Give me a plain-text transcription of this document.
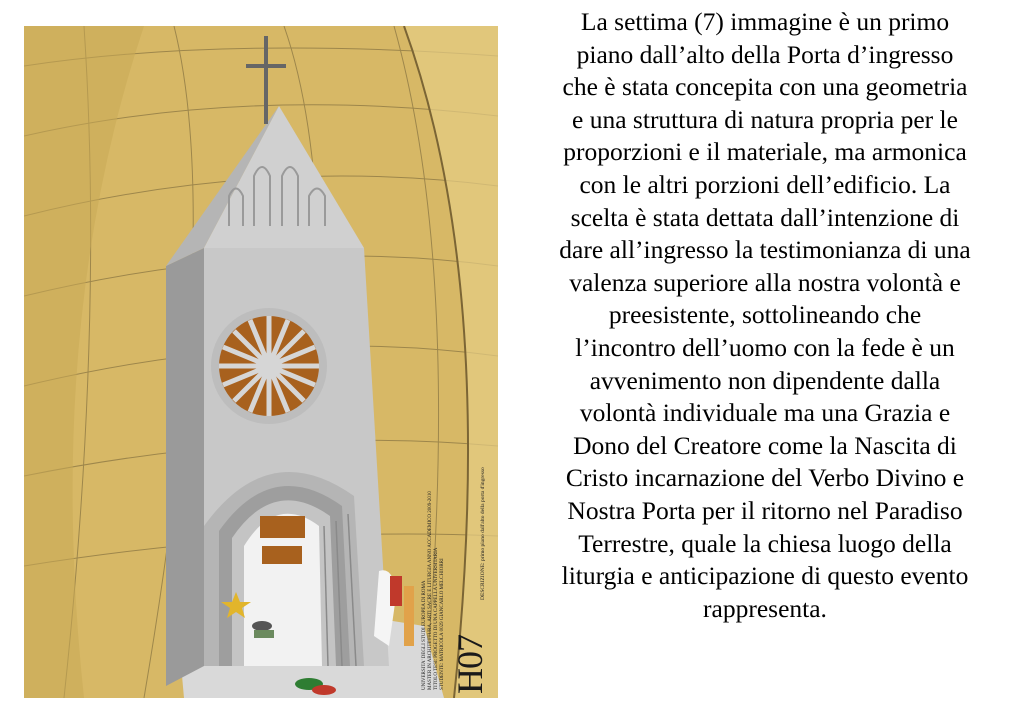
UNIVERSITA' DEGLI STUDI EUROPEA DI ROMA MASTER IN ARCHITETTURA, ARTI SACRE E LITURGIA ANNO ACCADEMICO 2009-2010 TITOLO TESI: PROGETTO DI UNA CAPPELLA UNIVERSITARIA STUDENTE: MATRICOLA 0029 GIANCARLO MELCHIORRI
DESCRIZIONE: primo piano dall'alto della porta d'ingresso
H07
La settima (7) immagine è un primo
piano dall’alto della Porta d’ingresso
che è stata concepita con una geometria
e una struttura di natura propria per le
proporzioni e il materiale, ma armonica
con le altri porzioni dell’edificio. La
scelta è stata dettata dall’intenzione di
dare all’ingresso la testimonianza di una
valenza superiore alla nostra volontà e
preesistente, sottolineando che
l’incontro dell’uomo con la fede è un
avvenimento non dipendente dalla
volontà individuale ma una Grazia e
Dono del Creatore come la Nascita di
Cristo incarnazione del Verbo Divino e
Nostra Porta per il ritorno nel Paradiso
Terrestre, quale la chiesa luogo della
liturgia e anticipazione di questo evento
rappresenta.
